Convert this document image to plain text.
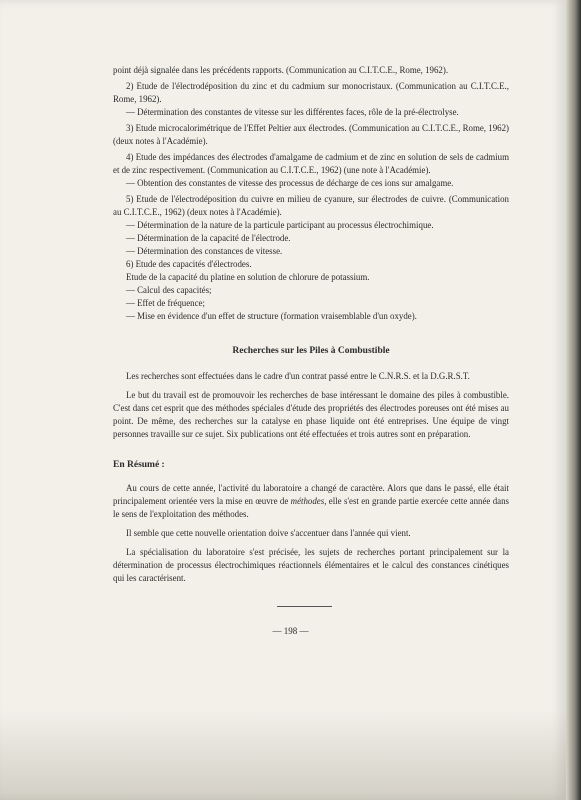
point déjà signalée dans les précédents rapports. (Communication au C.I.T.C.E., Rome, 1962).

2) Etude de l'électrodéposition du zinc et du cadmium sur monocristaux. (Communication au C.I.T.C.E., Rome, 1962).

— Détermination des constantes de vitesse sur les différentes faces, rôle de la pré-électrolyse.

3) Etude microcalorimétrique de l'Effet Peltier aux électrodes. (Communication au C.I.T.C.E., Rome, 1962) (deux notes à l'Académie).

4) Etude des impédances des électrodes d'amalgame de cadmium et de zinc en solution de sels de cadmium et de zinc respectivement. (Communication au C.I.T.C.E., 1962) (une note à l'Académie).

— Obtention des constantes de vitesse des processus de décharge de ces ions sur amalgame.

5) Etude de l'électrodéposition du cuivre en milieu de cyanure, sur électrodes de cuivre. (Communication au C.I.T.C.E., 1962) (deux notes à l'Académie).

— Détermination de la nature de la particule participant au processus électrochimique.

— Détermination de la capacité de l'électrode.

— Détermination des constances de vitesse.

6) Etude des capacités d'électrodes.

Etude de la capacité du platine en solution de chlorure de potassium.

— Calcul des capacités;

— Effet de fréquence;

— Mise en évidence d'un effet de structure (formation vraisemblable d'un oxyde).

Recherches sur les Piles à Combustible

Les recherches sont effectuées dans le cadre d'un contrat passé entre le C.N.R.S. et la D.G.R.S.T.

Le but du travail est de promouvoir les recherches de base intéressant le domaine des piles à combustible. C'est dans cet esprit que des méthodes spéciales d'étude des propriétés des électrodes poreuses ont été mises au point. De même, des recherches sur la catalyse en phase liquide ont été entreprises. Une équipe de vingt personnes travaille sur ce sujet. Six publications ont été effectuées et trois autres sont en préparation.

En Résumé :

Au cours de cette année, l'activité du laboratoire a changé de caractère. Alors que dans le passé, elle était principalement orientée vers la mise en œuvre de méthodes, elle s'est en grande partie exercée cette année dans le sens de l'exploitation des méthodes.

Il semble que cette nouvelle orientation doive s'accentuer dans l'année qui vient.

La spécialisation du laboratoire s'est précisée, les sujets de recherches portant principalement sur la détermination de processus électrochimiques réactionnels élémentaires et le calcul des constances cinétiques qui les caractérisent.

— 198 —
